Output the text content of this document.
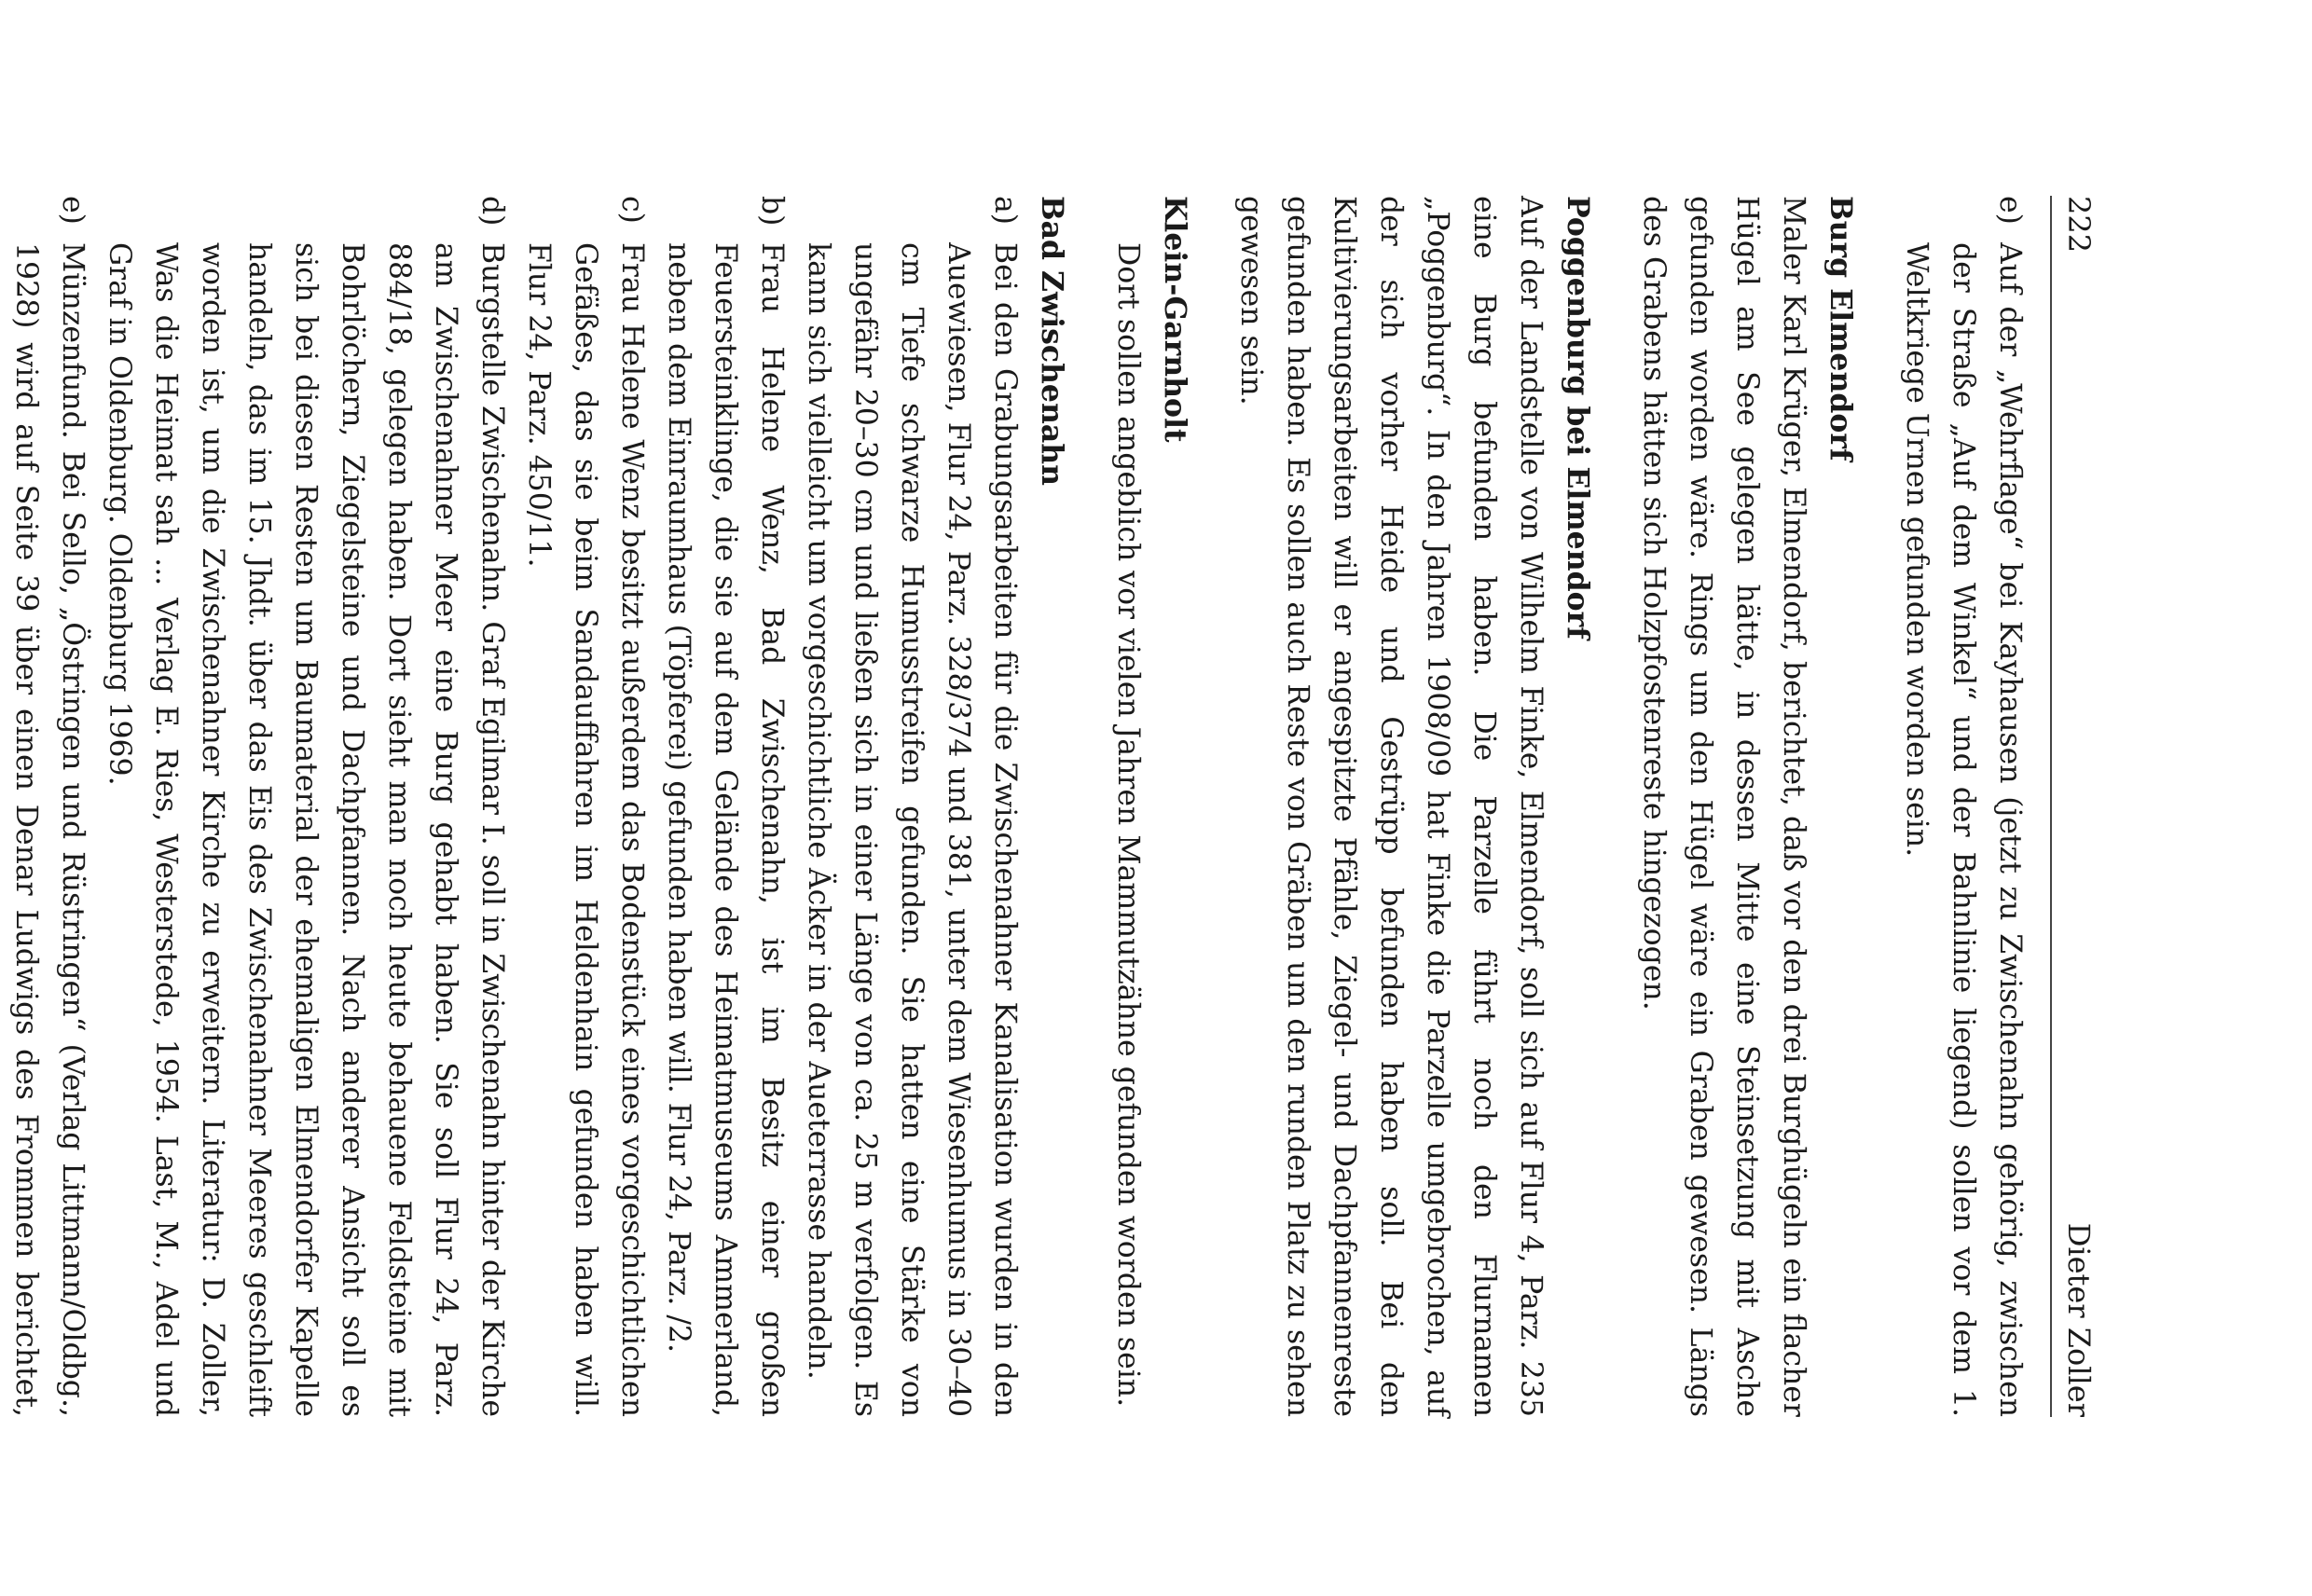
222
Dieter Zoller
e)
Auf der „Wehrflage“ bei Kayhausen (jetzt zu Zwischenahn gehörig, zwischen der Straße „Auf dem Winkel“ und der Bahnlinie liegend) sollen vor dem 1. Weltkriege Urnen gefunden worden sein.
Burg Elmendorf

Maler Karl Krüger, Elmendorf, berichtet, daß vor den drei Burghügeln ein flacher Hügel am See gelegen hätte, in dessen Mitte eine Steinsetzung mit Asche gefunden worden wäre. Rings um den Hügel wäre ein Graben gewesen. Längs des Grabens hätten sich Holzpfostenreste hingezogen.

Poggenburg bei Elmendorf

Auf der Landstelle von Wilhelm Finke, Elmendorf, soll sich auf Flur 4, Parz. 235 eine Burg befunden haben. Die Parzelle führt noch den Flurnamen „Poggenburg“. In den Jahren 1908/09 hat Finke die Parzelle umgebrochen, auf der sich vorher Heide und Gestrüpp befunden haben soll. Bei den Kultivierungsarbeiten will er angespitzte Pfähle, Ziegel- und Dachpfannenreste gefunden haben. Es sollen auch Reste von Gräben um den runden Platz zu sehen gewesen sein.

Klein-Garnholt

Dort sollen angeblich vor vielen Jahren Mammutzähne gefunden worden sein.

Bad Zwischenahn
a)
Bei den Grabungsarbeiten für die Zwischenahner Kanalisation wurden in den Auewiesen, Flur 24, Parz. 328/374 und 381, unter dem Wiesenhumus in 30–40 cm Tiefe schwarze Humusstreifen gefunden. Sie hatten eine Stärke von ungefähr 20–30 cm und ließen sich in einer Länge von ca. 25 m verfolgen. Es kann sich vielleicht um vorgeschichtliche Äcker in der Aueterrasse handeln.
b)
Frau Helene Wenz, Bad Zwischenahn, ist im Besitz einer großen Feuersteinklinge, die sie auf dem Gelände des Heimatmuseums Ammerland, neben dem Einraumhaus (Töpferei) gefunden haben will. Flur 24, Parz. /2.
c)
Frau Helene Wenz besitzt außerdem das Bodenstück eines vorgeschichtlichen Gefäßes, das sie beim Sandauffahren im Heldenhain gefunden haben will. Flur 24, Parz. 450/11.
d)
Burgstelle Zwischenahn. Graf Egilmar I. soll in Zwischenahn hinter der Kirche am Zwischenahner Meer eine Burg gehabt haben. Sie soll Flur 24, Parz. 884/18, gelegen haben. Dort sieht man noch heute behauene Feldsteine mit Bohrlöchern, Ziegelsteine und Dachpfannen. Nach anderer Ansicht soll es sich bei diesen Resten um Baumaterial der ehemaligen Elmendorfer Kapelle handeln, das im 15. Jhdt. über das Eis des Zwischenahner Meeres geschleift worden ist, um die Zwischenahner Kirche zu erweitern. Literatur: D. Zoller, Was die Heimat sah ... Verlag E. Ries, Westerstede, 1954. Last, M., Adel und Graf in Oldenburg. Oldenburg 1969.
e)
Münzenfund. Bei Sello, „Östringen und Rüstringen“ (Verlag Littmann/Oldbg., 1928) wird auf Seite 39 über einen Denar Ludwigs des Frommen berichtet,
